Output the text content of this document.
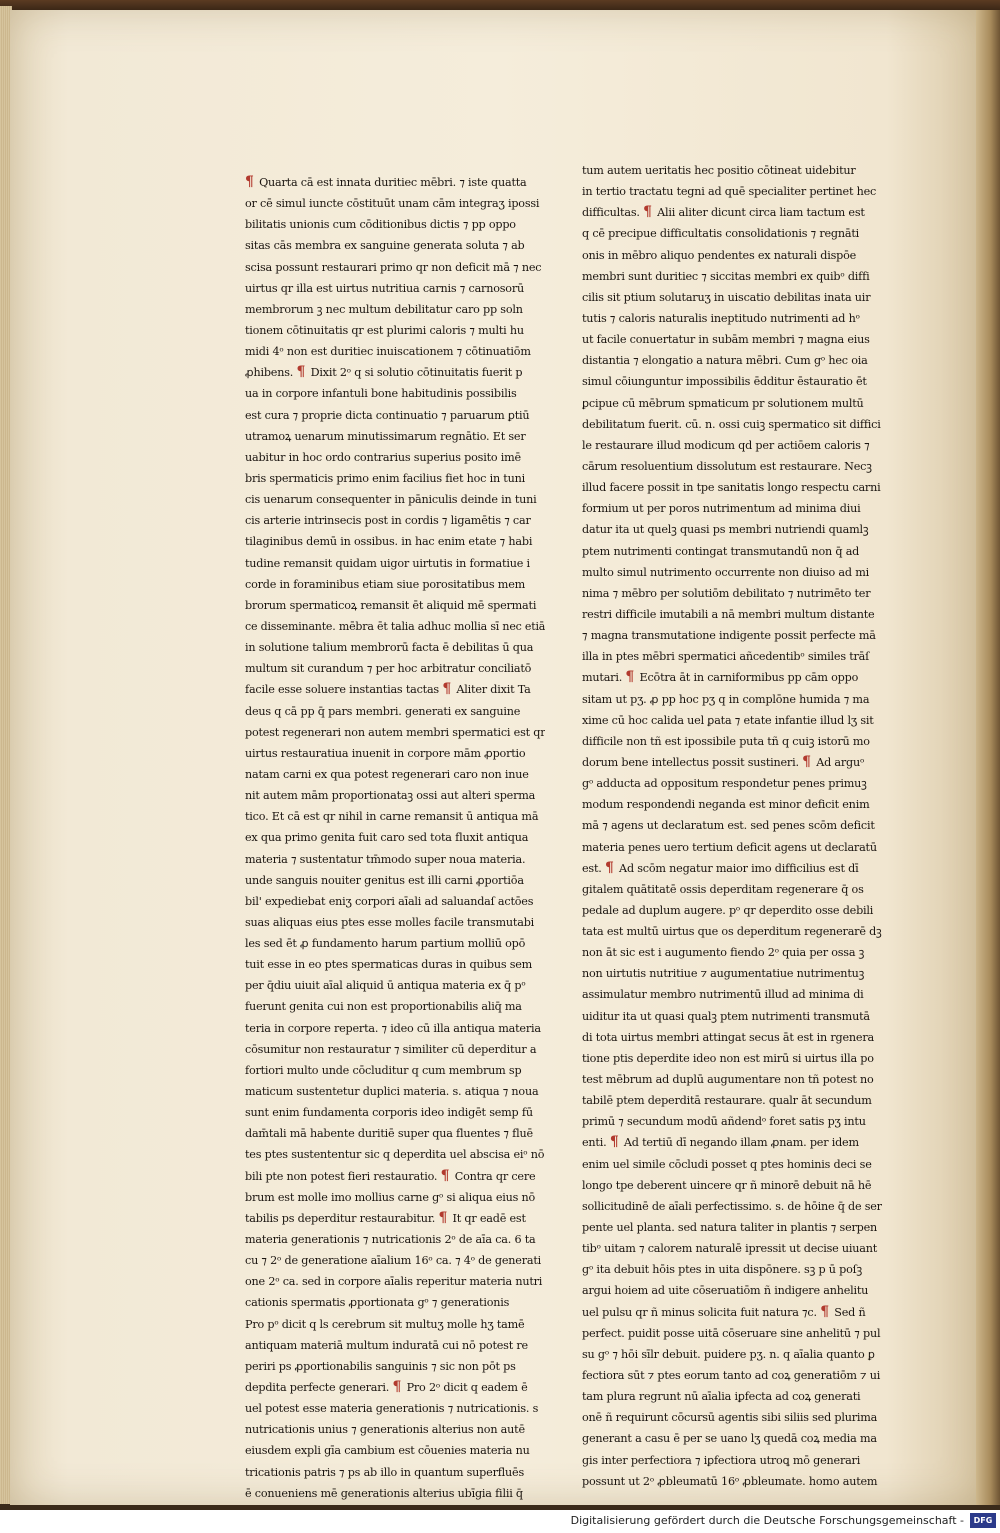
¶ Quarta cā est innata duritiec mēbri. ⁊ iste quatta
or cē simul iuncte cōstituūt unam cām integraʒ ipossi
bilitatis unionis cum cōditionibus dictis ⁊ pp oppo
sitas cās membra ex sanguine generata soluta ⁊ ab
scisa possunt restaurari primo qr non deficit mā ⁊ nec
uirtus qr illa est uirtus nutritiua carnis ⁊ carnosorū
membrorum ꝫ nec multum debilitatur caro pp soln
tionem cōtinuitatis qr est plurimi caloris ⁊ multi hu
midi 4ᵒ non est duritiec inuiscationem ⁊ cōtinuatiōm
ꝓhibens. ¶ Dixit 2ᵒ q si solutio cōtinuitatis fuerit p
ua in corpore infantuli bone habitudinis possibilis
est cura ⁊ proprie dicta continuatio ⁊ paruarum ꝑtiū
utramoꝝ uenarum minutissimarum regnātio. Et ser
uabitur in hoc ordo contrarius superius posito imē
bris spermaticis primo enim facilius fiet hoc in tuni
cis uenarum consequenter in pāniculis deinde in tuni
cis arterie intrinsecis post in cordis ⁊ ligamētis ⁊ car
tilaginibus demū in ossibus. in hac enim etate ⁊ habi
tudine remansit quidam uigor uirtutis in formatiue i
corde in foraminibus etiam siue porositatibus mem
brorum spermaticoꝝ remansit ēt aliquid mē spermati
ce disseminante. mēbra ēt talia adhuc mollia sī nec etiā
in solutione talium membrorū facta ē debilitas ū qua
multum sit curandum ⁊ per hoc arbitratur conciliatō
facile esse soluere instantias tactas ¶ Aliter dixit Ta
deus q cā pp q̄ pars membri. generati ex sanguine
potest regenerari non autem membri spermatici est qr
uirtus restauratiua inuenit in corpore mām ꝓportio
natam carni ex qua potest regenerari caro non inue
nit autem mām proportionataꝫ ossi aut alteri sperma
tico. Et cā est qr nihil in carne remansit ū antiqua mā
ex qua primo genita fuit caro sed tota fluxit antiqua
materia ⁊ sustentatur tm̄modo super noua materia.
unde sanguis nouiter genitus est illi carni ꝓportiōa
bil' expediebat eniʒ corpori aīali ad saluandaſ actōes
suas aliquas eius ptes esse molles facile transmutabi
les sed ēt ꝓ fundamento harum partium molliū opō
tuit esse in eo ptes spermaticas duras in quibus sem
per q̄diu uiuit aīal aliquid ū antiqua materia ex q̄ pᵒ
fuerunt genita cui non est proportionabilis aliq̄ ma
teria in corpore reperta. ⁊ ideo cū illa antiqua materia
cōsumitur non restauratur ⁊ similiter cū deperditur a
fortiori multo unde cōcluditur q cum membrum sp
maticum sustentetur duplici materia. s. atiqua ⁊ noua
sunt enim fundamenta corporis ideo indigēt semp fū
dam̄tali mā habente duritiē super qua fluentes ⁊ fluē
tes ptes sustententur sic q deperdita uel abscisa eiᵒ nō
bili pte non potest fieri restauratio. ¶ Contra qr cere
brum est molle imo mollius carne gᵒ si aliqua eius nō
tabilis ps deperditur restaurabitur. ¶ It qr eadē est
materia generationis ⁊ nutricationis 2ᵒ de aīa ca. 6 ta
cu ⁊ 2ᵒ de generatione aīalium 16ᵒ ca. ⁊ 4ᵒ de generati
one 2ᵒ ca. sed in corpore aīalis reperitur materia nutri
cationis spermatis ꝓportionata gᵒ ⁊ generationis
Pro pᵒ dicit q ls cerebrum sit multuʒ molle hʒ tamē
antiquam materiā multum induratā cui nō potest re
periri ps ꝓportionabilis sanguinis ⁊ sic non pōt ps
depdita perfecte generari. ¶ Pro 2ᵒ dicit q eadem ē
uel potest esse materia generationis ⁊ nutricationis. s
nutricationis unius ⁊ generationis alterius non autē
eiusdem expli gīa cambium est cōuenies materia nu
tricationis patris ⁊ ps ab illo in quantum superfluēs
ē conueniens mē generationis alterius ubīgia filii q̄
tum autem ueritatis hec positio cōtineat uidebitur
in tertio tractatu tegni ad quē specialiter pertinet hec
difficultas. ¶ Alii aliter dicunt circa liam tactum est
q cē precipue difficultatis consolidationis ⁊ regnāti
onis in mēbro aliquo pendentes ex naturali dispōe
membri sunt duritiec ⁊ siccitas membri ex quibᵒ diffi
cilis sit ptium solutaruʒ in uiscatio debilitas inata uir
tutis ⁊ caloris naturalis ineptitudo nutrimenti ad hᵒ
ut facile conuertatur in subām membri ⁊ magna eius
distantia ⁊ elongatio a natura mēbri. Cum gᵒ hec oia
simul cōiunguntur impossibilis ēdditur ēstauratio ēt
ꝑcipue cū mēbrum spmaticum pr solutionem multū
debilitatum fuerit. cū. n. ossi cuiꝫ spermatico sit diffici
le restaurare illud modicum qd per actiōem caloris ⁊
cārum resoluentium dissolutum est restaurare. Necꝫ
illud facere possit in tpe sanitatis longo respectu carni
formium ut per poros nutrimentum ad minima diui
datur ita ut quelꝫ quasi ps membri nutriendi quamlꝫ
ptem nutrimenti contingat transmutandū non q̄ ad
multo simul nutrimento occurrente non diuiso ad mi
nima ⁊ mēbro per solutiōm debilitato ⁊ nutrimēto ter
restri difficile imutabili a nā membri multum distante
⁊ magna transmutatione indigente possit perfecte mā
illa in ptes mēbri spermatici añcedentibᵒ similes trāſ
mutari. ¶ Ecōtra āt in carniformibus pp cām oppo
sitam ut pʒ. ꝓ pp hoc pʒ q in complōne humida ⁊ ma
xime cū hoc calida uel ꝑata ⁊ etate infantie illud lʒ sit
difficile non tñ est ipossibile puta tñ q cuiꝫ istorū mo
dorum bene intellectus possit sustineri. ¶ Ad arguᵒ
gᵒ adducta ad oppositum respondetur penes primuꝫ
modum respondendi neganda est minor deficit enim
mā ⁊ agens ut declaratum est. sed penes scōm deficit
materia penes uero tertium deficit agens ut declaratū
est. ¶ Ad scōm negatur maior imo difficilius est dī
gitalem quātitatē ossis deperditam regenerare q̄ os
pedale ad duplum augere. pᵒ qr deperdito osse debili
tata est multū uirtus que os deperditum regenerarē dꝫ
non āt sic est i augumento fiendo 2ᵒ quia per ossa ꝫ
non uirtutis nutritiue ⁊ augumentatiue nutrimentuꝫ
assimulatur membro nutrimentū illud ad minima di
uiditur ita ut quasi qualꝫ ptem nutrimenti transmutā
di tota uirtus membri attingat secus āt est in rgenera
tione ptis deperdite ideo non est mirū si uirtus illa po
test mēbrum ad duplū augumentare non tñ potest no
tabilē ptem deperditā restaurare. qualr āt secundum
primū ⁊ secundum modū añdendᵒ foret satis pʒ intu
enti. ¶ Ad tertiū dī negando illam ꝓnam. per idem
enim uel simile cōcludi posset q ptes hominis deci se
longo tpe deberent uincere qr ñ minorē debuit nā hē
sollicitudinē de aīali perfectissimo. s. de hōine q̄ de ser
pente uel planta. sed natura taliter in plantis ⁊ serpen
tibᵒ uitam ⁊ calorem naturalē ipressit ut decise uiuant
gᵒ ita debuit hōis ptes in uita dispōnere. sꝫ p ū poſꝫ
argui hoiem ad uite cōseruatiōm ñ indigere anhelitu
uel pulsu qr ñ minus solicita fuit natura ⁊c. ¶ Sed ñ
perfect. puidit posse uitā cōseruare sine anhelitū ⁊ pul
su gᵒ ⁊ hōi sīlr debuit. puidere pʒ. n. q aīalia quanto ꝑ
fectiora sūt ⁊ ptes eorum tanto ad coꝝ generatiōm ⁊ ui
tam plura regrunt nū aīalia iꝑfecta ad coꝝ generati
onē ñ requirunt cōcursū agentis sibi siliis sed plurima
generant a casu ē per se uano lʒ quedā coꝝ media ma
gis inter perfectiora ⁊ iꝑfectiora utroꝗ mō generari
possunt ut 2ᵒ ꝓbleumatū 16ᵒ ꝓbleumate. homo autem
Digitalisierung gefördert durch die Deutsche Forschungsgemeinschaft -	DFG
